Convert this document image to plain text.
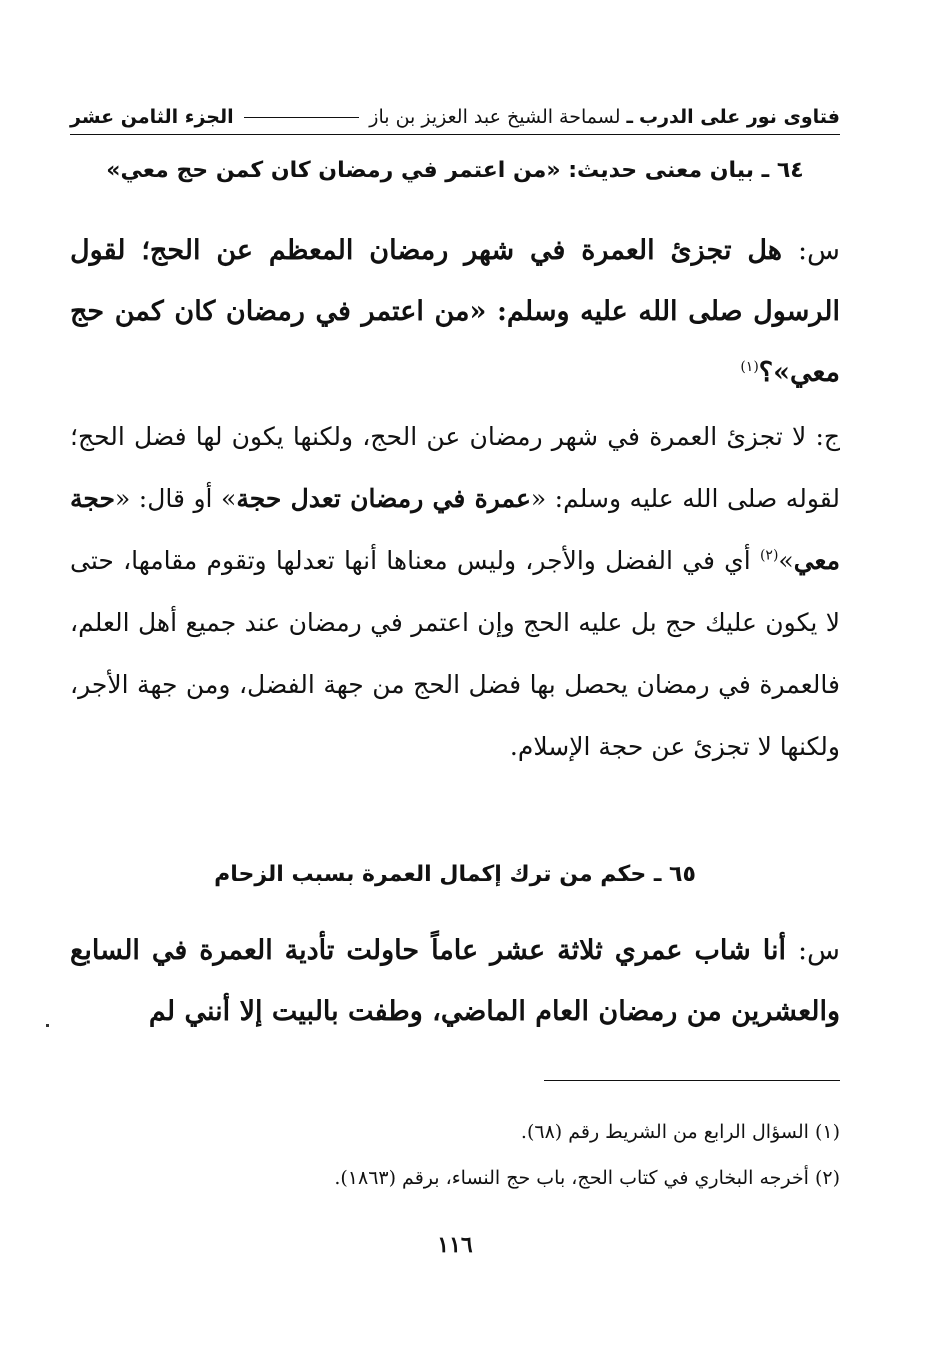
فتاوى نور على الدرب
ـ
لسماحة الشيخ عبد العزيز بن باز
الجزء الثامن عشر
٦٤ ـ بيان معنى حديث: «من اعتمر في رمضان كان كمن حج معي»
س: هل تجزئ العمرة في شهر رمضان المعظم عن الحج؛ لقول الرسول صلى الله عليه وسلم: «من اعتمر في رمضان كان كمن حج معي»؟$^{(١)}$
ج: لا تجزئ العمرة في شهر رمضان عن الحج، ولكنها يكون لها فضل الحج؛ لقوله صلى الله عليه وسلم: «عمرة في رمضان تعدل حجة» أو قال: «حجة معي»$^{(٢)}$ أي في الفضل والأجر، وليس معناها أنها تعدلها وتقوم مقامها، حتى لا يكون عليك حج بل عليه الحج وإن اعتمر في رمضان عند جميع أهل العلم، فالعمرة في رمضان يحصل بها فضل الحج من جهة الفضل، ومن جهة الأجر، ولكنها لا تجزئ عن حجة الإسلام.
٦٥ ـ حكم من ترك إكمال العمرة بسبب الزحام
س: أنا شاب عمري ثلاثة عشر عاماً حاولت تأدية العمرة في السابع والعشرين من رمضان العام الماضي، وطفت بالبيت إلا أنني لم
(١) السؤال الرابع من الشريط رقم (٦٨).
(٢) أخرجه البخاري في كتاب الحج، باب حج النساء، برقم (١٨٦٣).
١١٦
